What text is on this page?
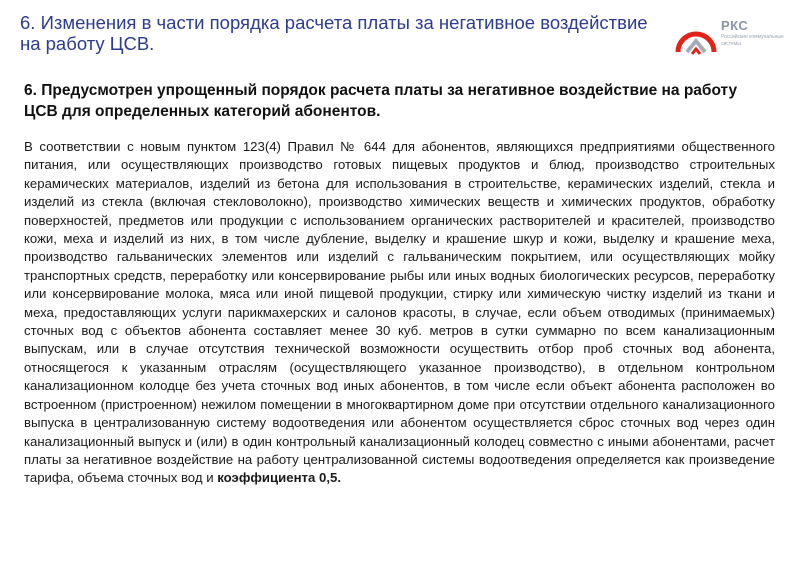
6. Изменения в части порядка расчета платы за негативное воздействие на работу ЦСВ.
РКС
Российские коммунальные системы
6. Предусмотрен упрощенный порядок расчета платы за негативное воздействие на работу ЦСВ для определенных категорий абонентов.

В соответствии с новым пунктом 123(4) Правил № 644 для абонентов, являющихся предприятиями общественного питания, или осуществляющих производство готовых пищевых продуктов и блюд, производство строительных керамических материалов, изделий из бетона для использования в строительстве, керамических изделий, стекла и изделий из стекла (включая стекловолокно), производство химических веществ и химических продуктов, обработку поверхностей, предметов или продукции с использованием органических растворителей и красителей, производство кожи, меха и изделий из них, в том числе дубление, выделку и крашение шкур и кожи, выделку и крашение меха, производство гальванических элементов или изделий с гальваническим покрытием, или осуществляющих мойку транспортных средств, переработку или консервирование рыбы или иных водных биологических ресурсов, переработку или консервирование молока, мяса или иной пищевой продукции, стирку или химическую чистку изделий из ткани и меха, предоставляющих услуги парикмахерских и салонов красоты, в случае, если объем отводимых (принимаемых) сточных вод с объектов абонента составляет менее 30 куб. метров в сутки суммарно по всем канализационным выпускам, или в случае отсутствия технической возможности осуществить отбор проб сточных вод абонента, относящегося к указанным отраслям (осуществляющего указанное производство), в отдельном контрольном канализационном колодце без учета сточных вод иных абонентов, в том числе если объект абонента расположен во встроенном (пристроенном) нежилом помещении в многоквартирном доме при отсутствии отдельного канализационного выпуска в централизованную систему водоотведения или абонентом осуществляется сброс сточных вод через один канализационный выпуск и (или) в один контрольный канализационный колодец совместно с иными абонентами, расчет платы за негативное воздействие на работу централизованной системы водоотведения определяется как произведение тарифа, объема сточных вод и коэффициента 0,5.
